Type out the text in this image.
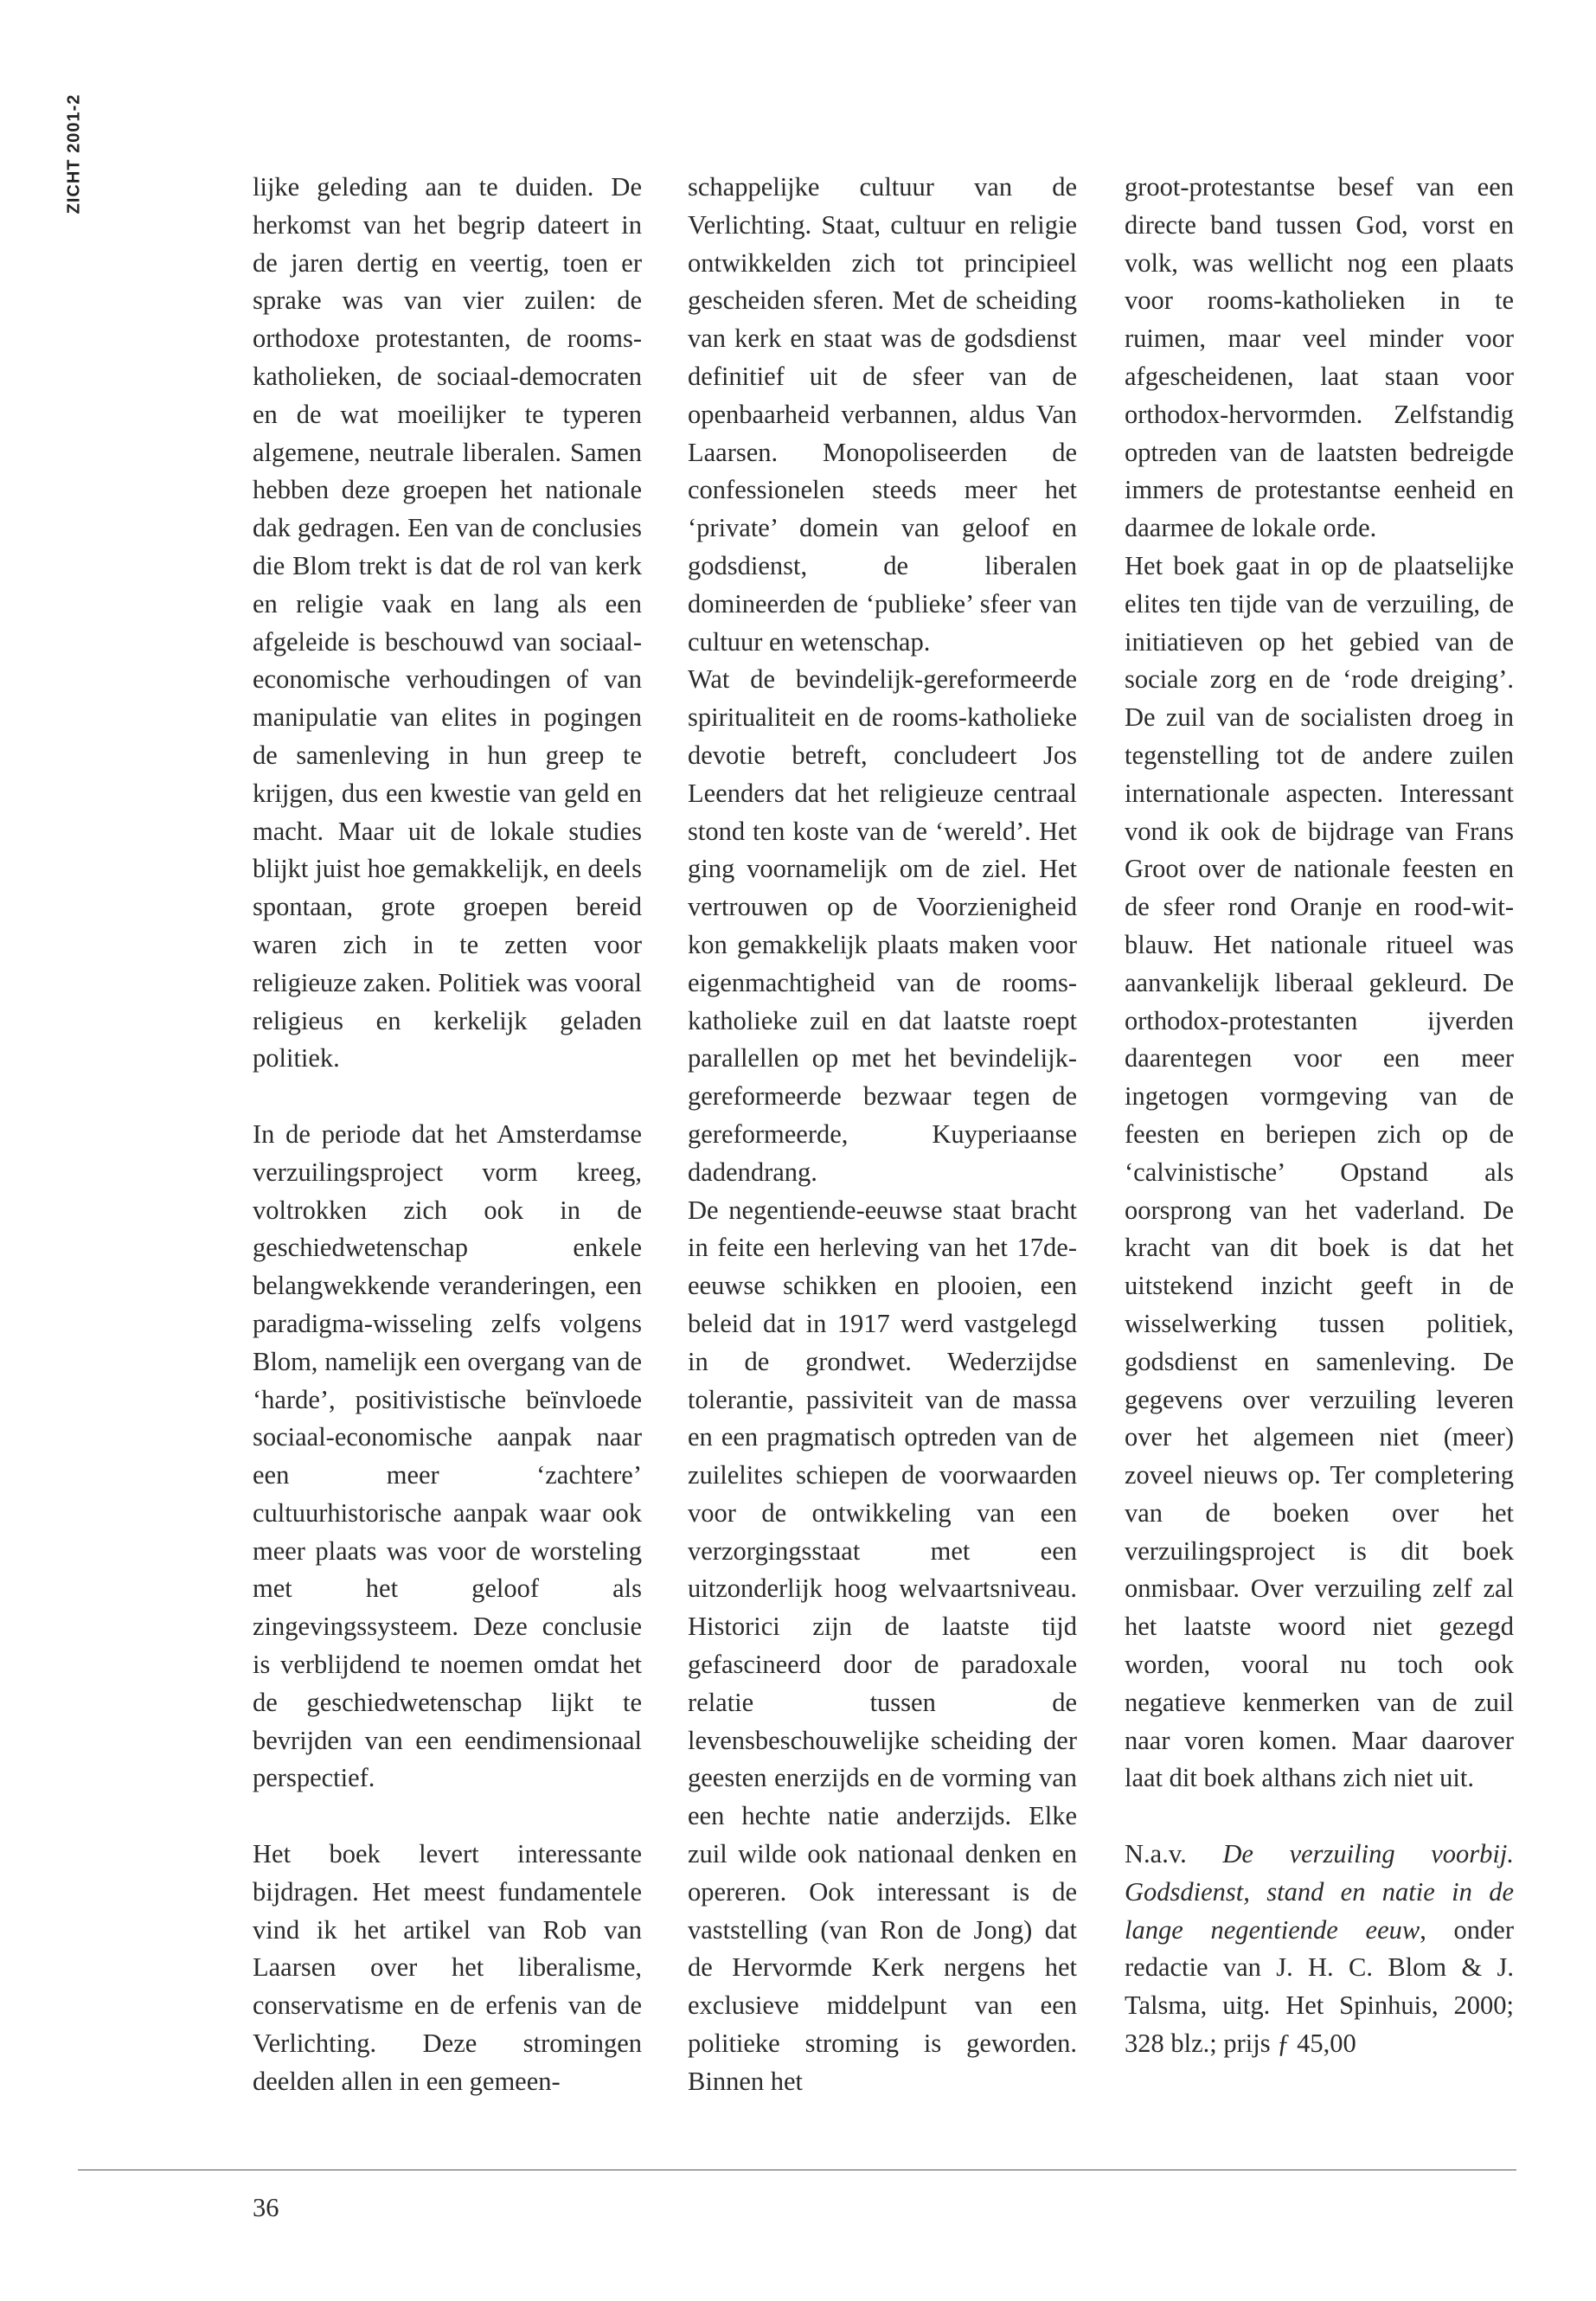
ZICHT 2001-2	lijke geleding aan te duiden. De herkomst van het begrip dateert in de jaren dertig en veertig, toen er sprake was van vier zuilen: de orthodoxe protestanten, de rooms-katholieken, de sociaal-democraten en de wat moeilijker te typeren algemene, neutrale liberalen. Samen hebben deze groepen het nationale dak gedragen. Een van de conclusies die Blom trekt is dat de rol van kerk en religie vaak en lang als een afgeleide is beschouwd van sociaal-economische verhoudingen of van manipulatie van elites in pogingen de samenleving in hun greep te krijgen, dus een kwestie van geld en macht. Maar uit de lokale studies blijkt juist hoe gemakkelijk, en deels spontaan, grote groepen bereid waren zich in te zetten voor religieuze zaken. Politiek was vooral religieus en kerkelijk geladen politiek.

In de periode dat het Amsterdamse verzuilingsproject vorm kreeg, voltrokken zich ook in de geschiedwetenschap enkele belangwekkende veranderingen, een paradigma-wisseling zelfs volgens Blom, namelijk een overgang van de ‘harde’, positivistische beïnvloede sociaal-economische aanpak naar een meer ‘zachtere’ cultuurhistorische aanpak waar ook meer plaats was voor de worsteling met het geloof als zingevingssysteem. Deze conclusie is verblijdend te noemen omdat het de geschiedwetenschap lijkt te bevrijden van een eendimensionaal perspectief.

Het boek levert interessante bijdragen. Het meest fundamentele vind ik het artikel van Rob van Laarsen over het liberalisme, conservatisme en de erfenis van de Verlichting. Deze stromingen deelden allen in een gemeen-

schappelijke cultuur van de Verlichting. Staat, cultuur en religie ontwikkelden zich tot principieel gescheiden sferen. Met de scheiding van kerk en staat was de godsdienst definitief uit de sfeer van de openbaarheid verbannen, aldus Van Laarsen. Monopoliseerden de confessionelen steeds meer het ‘private’ domein van geloof en godsdienst, de liberalen domineerden de ‘publieke’ sfeer van cultuur en wetenschap.

Wat de bevindelijk-gereformeerde spiritualiteit en de rooms-katholieke devotie betreft, concludeert Jos Leenders dat het religieuze centraal stond ten koste van de ‘wereld’. Het ging voornamelijk om de ziel. Het vertrouwen op de Voorzienigheid kon gemakkelijk plaats maken voor eigenmachtigheid van de rooms-katholieke zuil en dat laatste roept parallellen op met het bevindelijk-gereformeerde bezwaar tegen de gereformeerde, Kuyperiaanse dadendrang.

De negentiende-eeuwse staat bracht in feite een herleving van het 17de-eeuwse schikken en plooien, een beleid dat in 1917 werd vastgelegd in de grondwet. Wederzijdse tolerantie, passiviteit van de massa en een pragmatisch optreden van de zuilelites schiepen de voorwaarden voor de ontwikkeling van een verzorgingsstaat met een uitzonderlijk hoog welvaartsniveau. Historici zijn de laatste tijd gefascineerd door de paradoxale relatie tussen de levensbeschouwelijke scheiding der geesten enerzijds en de vorming van een hechte natie anderzijds. Elke zuil wilde ook nationaal denken en opereren. Ook interessant is de vaststelling (van Ron de Jong) dat de Hervormde Kerk nergens het exclusieve middelpunt van een politieke stroming is geworden. Binnen het

groot-protestantse besef van een directe band tussen God, vorst en volk, was wellicht nog een plaats voor rooms-katholieken in te ruimen, maar veel minder voor afgescheidenen, laat staan voor orthodox-hervormden. Zelfstandig optreden van de laatsten bedreigde immers de protestantse eenheid en daarmee de lokale orde.

Het boek gaat in op de plaatselijke elites ten tijde van de verzuiling, de initiatieven op het gebied van de sociale zorg en de ‘rode dreiging’. De zuil van de socialisten droeg in tegenstelling tot de andere zuilen internationale aspecten. Interessant vond ik ook de bijdrage van Frans Groot over de nationale feesten en de sfeer rond Oranje en rood-wit-blauw. Het nationale ritueel was aanvankelijk liberaal gekleurd. De orthodox-protestanten ijverden daarentegen voor een meer ingetogen vormgeving van de feesten en beriepen zich op de ‘calvinistische’ Opstand als oorsprong van het vaderland. De kracht van dit boek is dat het uitstekend inzicht geeft in de wisselwerking tussen politiek, godsdienst en samenleving. De gegevens over verzuiling leveren over het algemeen niet (meer) zoveel nieuws op. Ter completering van de boeken over het verzuilingsproject is dit boek onmisbaar. Over verzuiling zelf zal het laatste woord niet gezegd worden, vooral nu toch ook negatieve kenmerken van de zuil naar voren komen. Maar daarover laat dit boek althans zich niet uit.

N.a.v. De verzuiling voorbij. Godsdienst, stand en natie in de lange negentiende eeuw, onder redactie van J. H. C. Blom & J. Talsma, uitg. Het Spinhuis, 2000; 328 blz.; prijs ƒ 45,00

36
